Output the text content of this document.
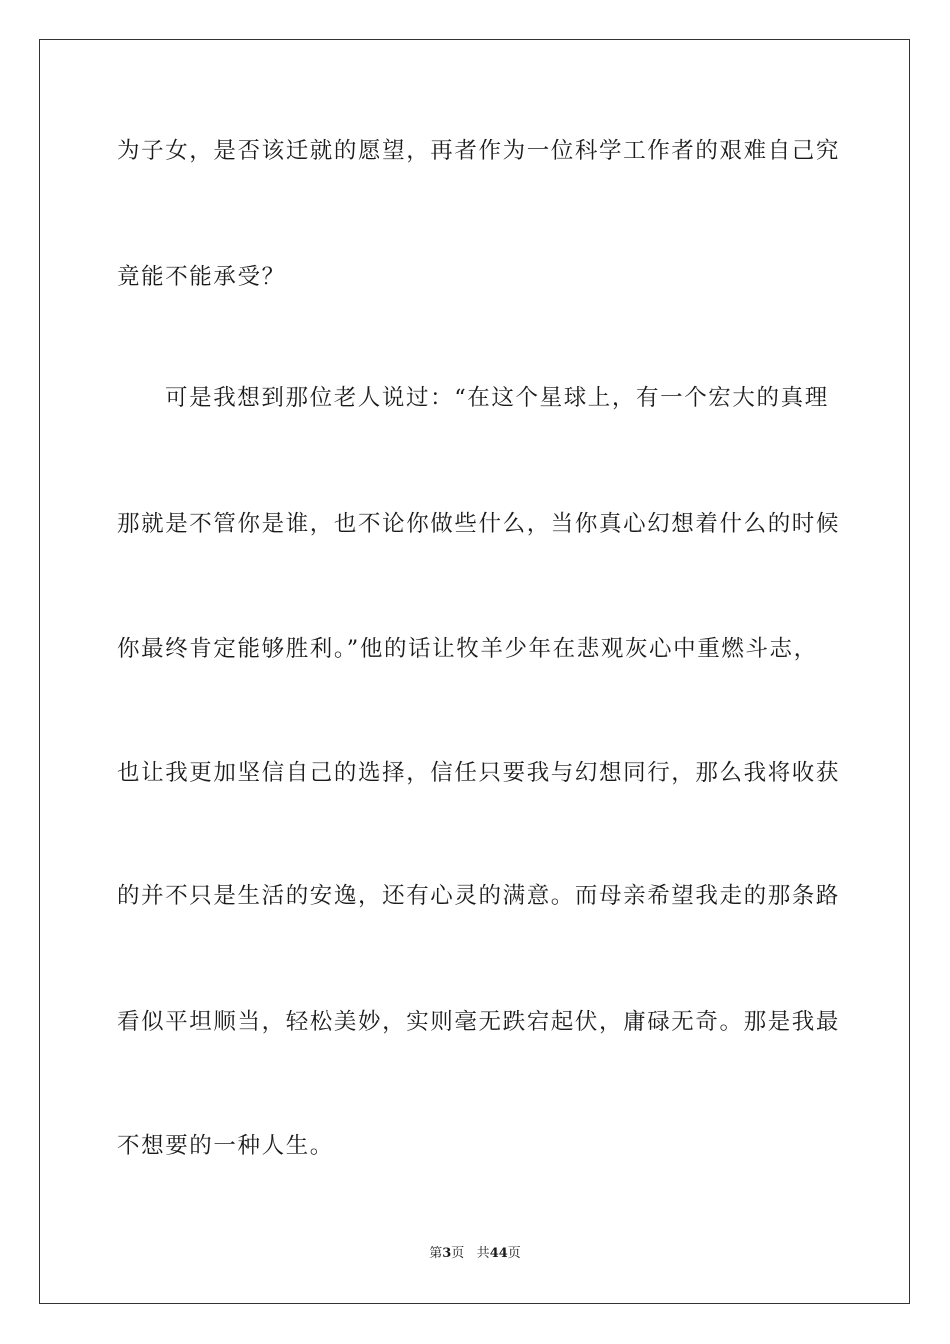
为子女，是否该迁就的愿望，再者作为一位科学工作者的艰难自己究
竟能不能承受？
可是我想到那位老人说过：“在这个星球上，有一个宏大的真理
那就是不管你是谁，也不论你做些什么，当你真心幻想着什么的时候
你最终肯定能够胜利。”他的话让牧羊少年在悲观灰心中重燃斗志，
也让我更加坚信自己的选择，信任只要我与幻想同行，那么我将收获
的并不只是生活的安逸，还有心灵的满意。而母亲希望我走的那条路
看似平坦顺当，轻松美妙，实则毫无跌宕起伏，庸碌无奇。那是我最
不想要的一种人生。
第3页 共44页
